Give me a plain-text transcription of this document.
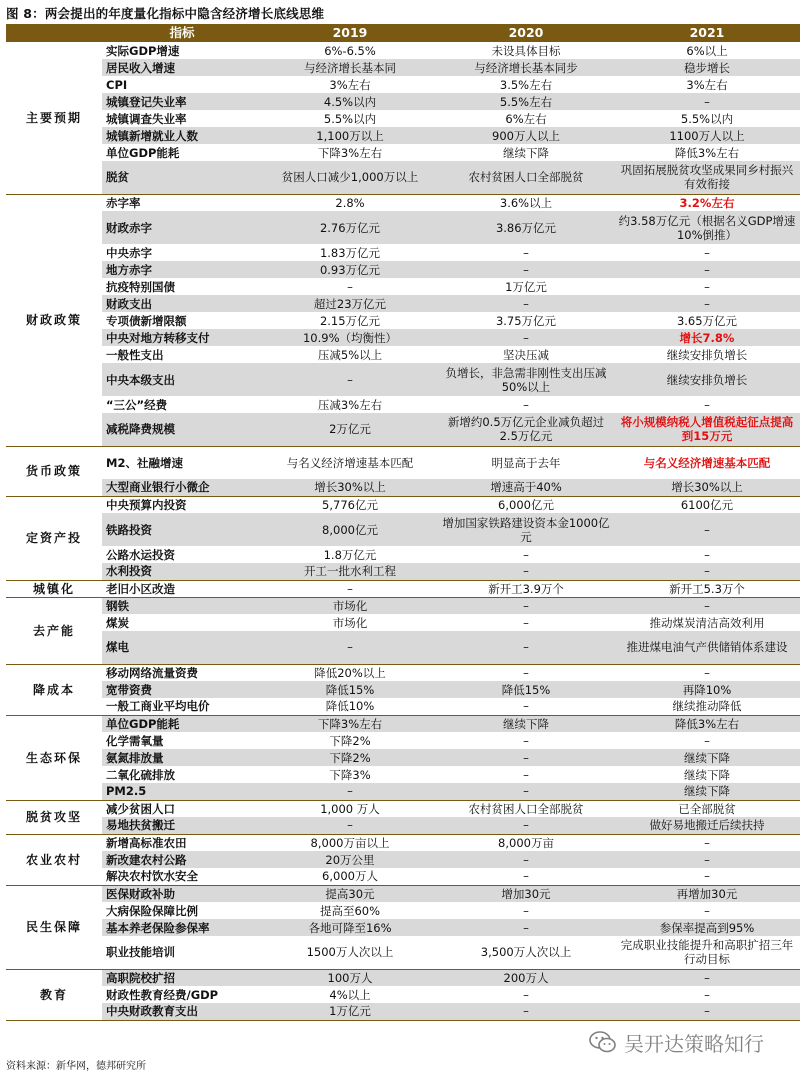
图 8：两会提出的年度量化指标中隐含经济增长底线思维
	指标	2019	2020	2021
主要预期	实际GDP增速	6%-6.5%	未设具体目标	6%以上
	居民收入增速	与经济增长基本同	与经济增长基本同步	稳步增长
	CPI	3%左右	3.5%左右	3%左右
	城镇登记失业率	4.5%以内	5.5%左右	–
	城镇调查失业率	5.5%以内	6%左右	5.5%以内
	城镇新增就业人数	1,100万以上	900万人以上	1100万人以上
	单位GDP能耗	下降3%左右	继续下降	降低3%左右
	脱贫	贫困人口减少1,000万以上	农村贫困人口全部脱贫	巩固拓展脱贫攻坚成果同乡村振兴有效衔接
财政政策	赤字率	2.8%	3.6%以上	3.2%左右
	财政赤字	2.76万亿元	3.86万亿元	约3.58万亿元（根据名义GDP增速10%倒推）
	中央赤字	1.83万亿元	–	–
	地方赤字	0.93万亿元	–	–
	抗疫特别国债	–	1万亿元	–
	财政支出	超过23万亿元	–	–
	专项债新增限额	2.15万亿元	3.75万亿元	3.65万亿元
	中央对地方转移支付	10.9%（均衡性）	–	增长7.8%
	一般性支出	压减5%以上	坚决压减	继续安排负增长
	中央本级支出	–	负增长，非急需非刚性支出压减50%以上	继续安排负增长
	“三公”经费	压减3%左右	–	–
	减税降费规模	2万亿元	新增约0.5万亿元企业减负超过2.5万亿元	将小规模纳税人增值税起征点提高到15万元
货币政策	M2、社融增速	与名义经济增速基本匹配	明显高于去年	与名义经济增速基本匹配
	大型商业银行小微企	增长30%以上	增速高于40%	增长30%以上
定资产投	中央预算内投资	5,776亿元	6,000亿元	6100亿元
	铁路投资	8,000亿元	增加国家铁路建设资本金1000亿元	–
	公路水运投资	1.8万亿元	–	–
	水利投资	开工一批水利工程	–	–
城镇化	老旧小区改造	–	新开工3.9万个	新开工5.3万个
去产能	钢铁	市场化	–	–
	煤炭	市场化	–	推动煤炭清洁高效利用
	煤电	–	–	推进煤电油气产供储销体系建设
降成本	移动网络流量资费	降低20%以上	–	–
	宽带资费	降低15%	降低15%	再降10%
	一般工商业平均电价	降低10%	–	继续推动降低
生态环保	单位GDP能耗	下降3%左右	继续下降	降低3%左右
	化学需氧量	下降2%	–	–
	氨氮排放量	下降2%	–	继续下降
	二氧化硫排放	下降3%	–	继续下降
	PM2.5	–	–	继续下降
脱贫攻坚	减少贫困人口	1,000 万人	农村贫困人口全部脱贫	已全部脱贫
	易地扶贫搬迁	–	–	做好易地搬迁后续扶持
农业农村	新增高标准农田	8,000万亩以上	8,000万亩	–
	新改建农村公路	20万公里	–	–
	解决农村饮水安全	6,000万人	–	–
民生保障	医保财政补助	提高30元	增加30元	再增加30元
	大病保险保障比例	提高至60%	–	–
	基本养老保险参保率	各地可降至16%	–	参保率提高到95%
	职业技能培训	1500万人次以上	3,500万人次以上	完成职业技能提升和高职扩招三年行动目标
教育	高职院校扩招	100万人	200万人	–
	财政性教育经费/GDP	4%以上	–	–
	中央财政教育支出	1万亿元	–	–
吴开达策略知行
资料来源：新华网，德邦研究所
